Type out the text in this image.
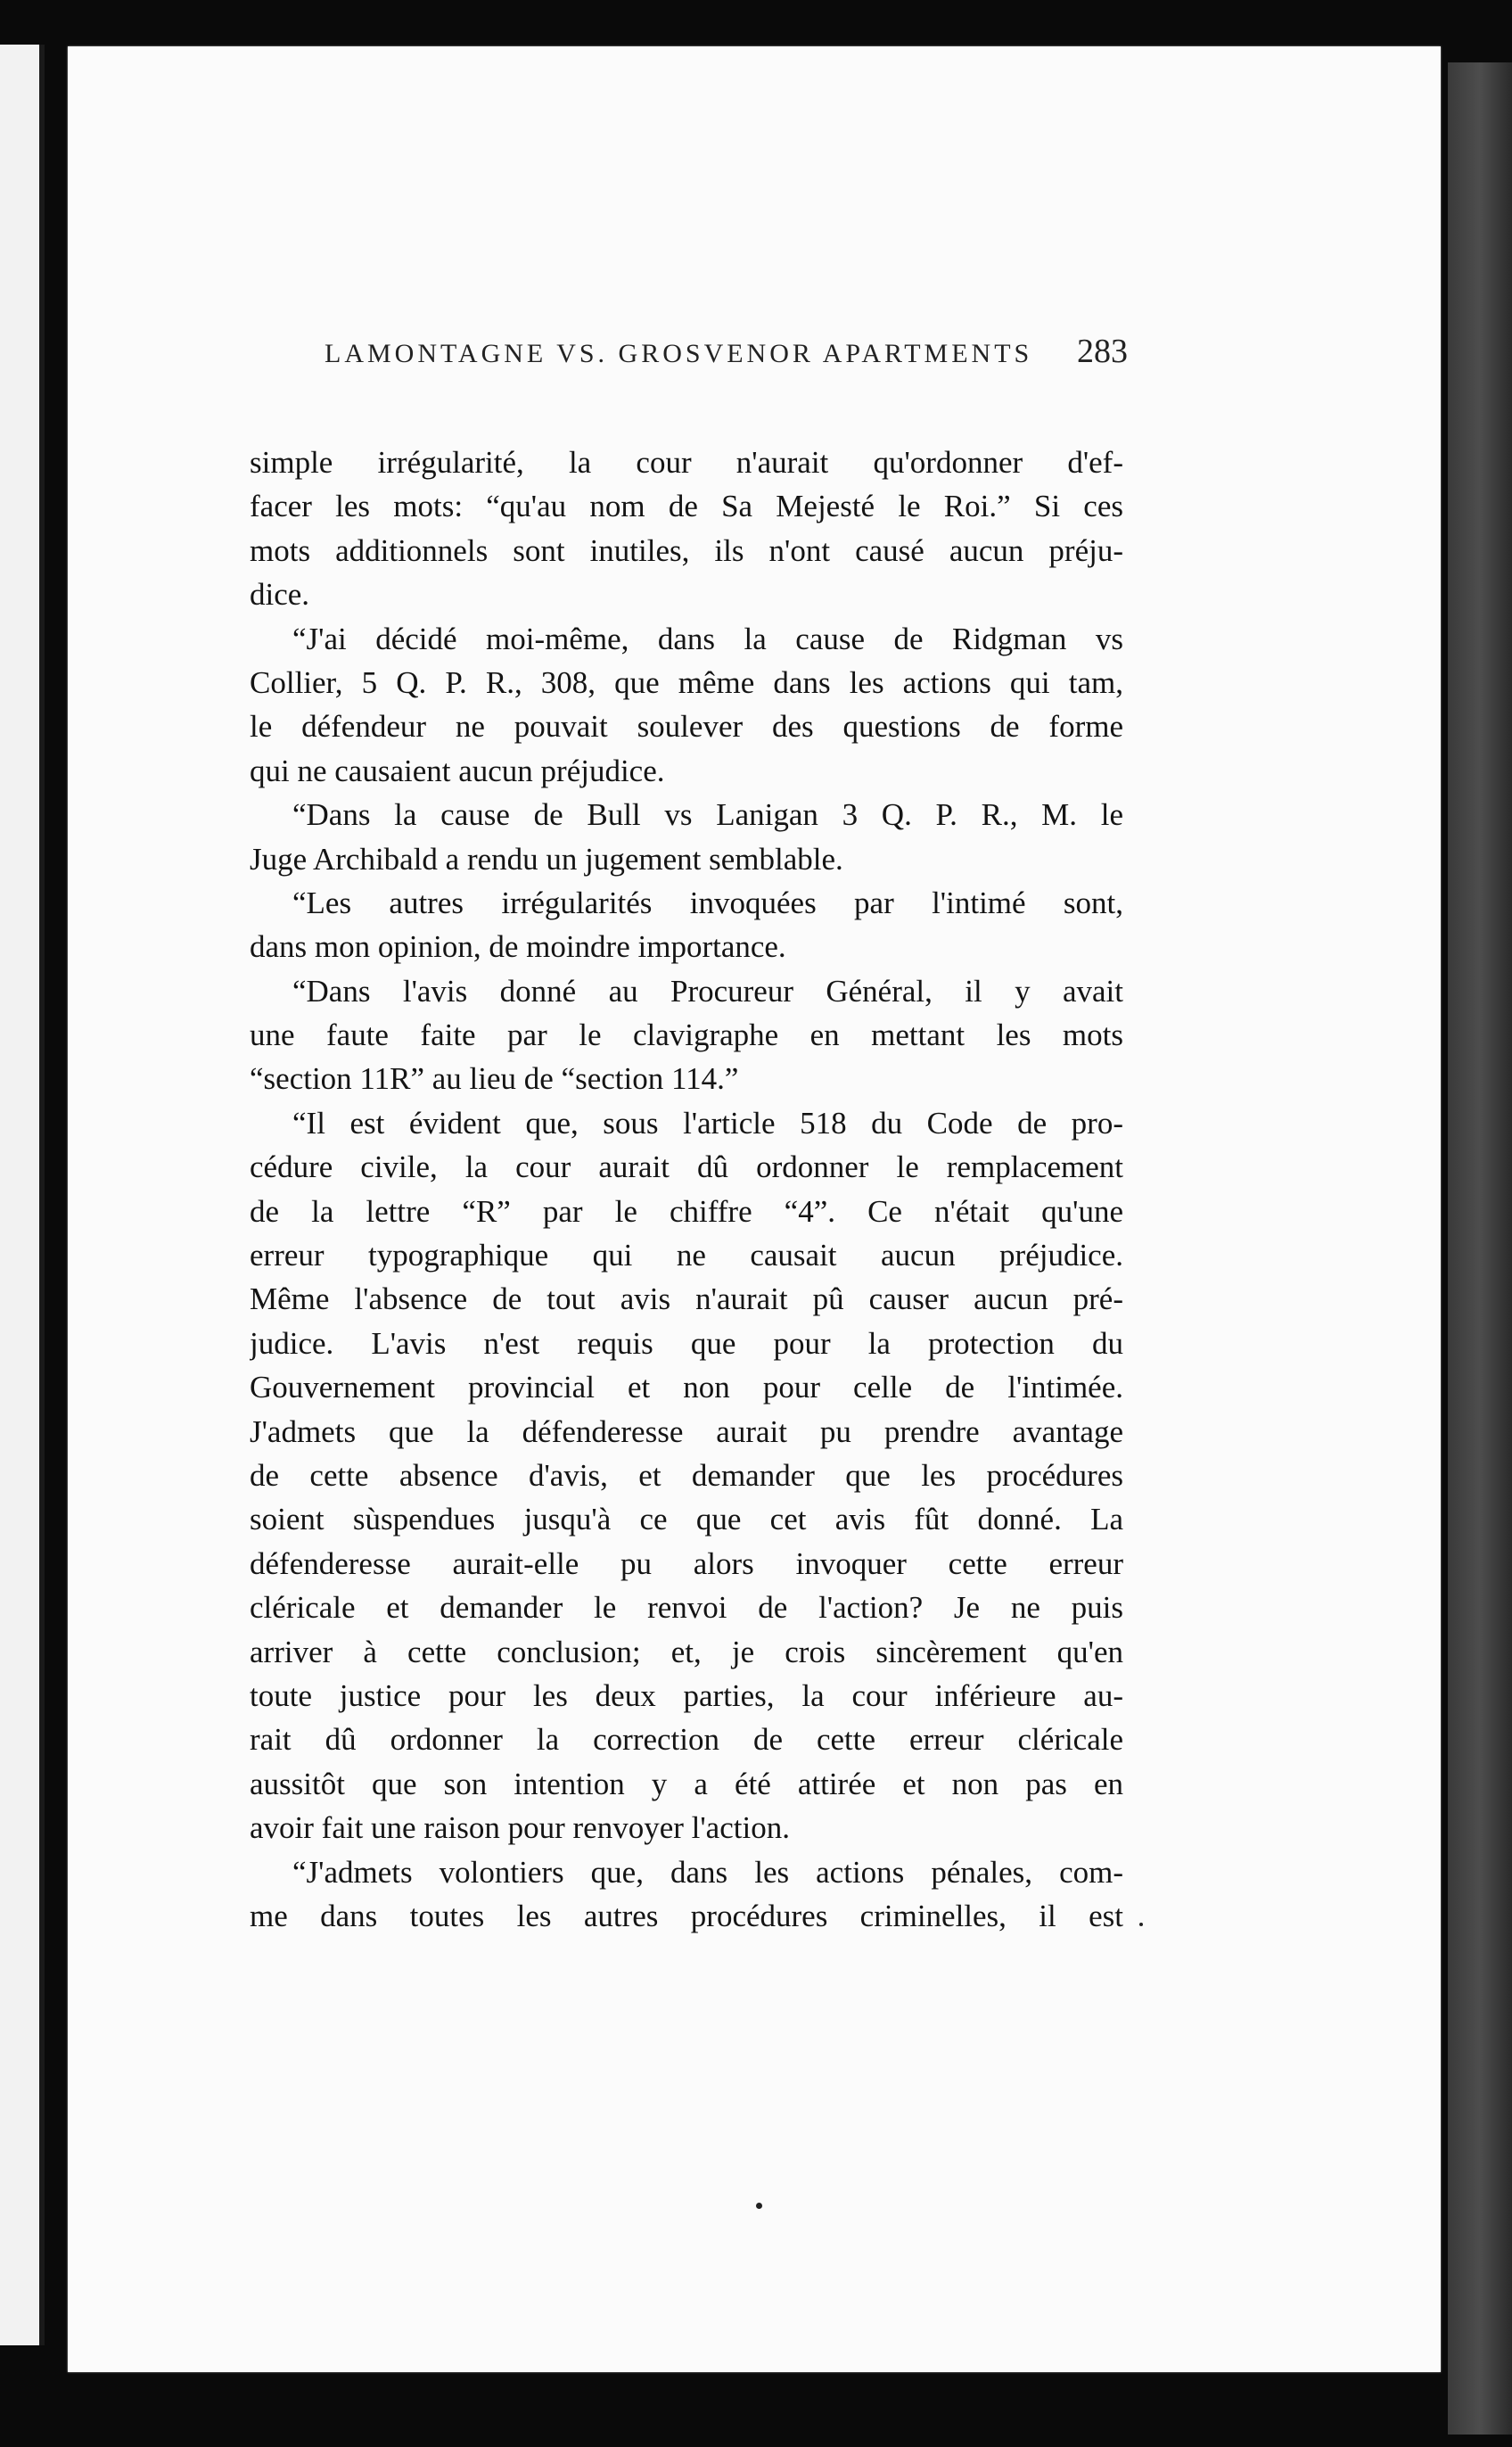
LAMONTAGNE VS. GROSVENOR APARTMENTS	283
simple irrégularité, la cour n'aurait qu'ordonner d'ef-
facer les mots: “qu'au nom de Sa Mejesté le Roi.” Si ces
mots additionnels sont inutiles, ils n'ont causé aucun préju-
dice.
“J'ai décidé moi-même, dans la cause de Ridgman vs
Collier, 5 Q. P. R., 308, que même dans les actions qui tam,
le défendeur ne pouvait soulever des questions de forme
qui ne causaient aucun préjudice.
“Dans la cause de Bull vs Lanigan 3 Q. P. R., M. le
Juge Archibald a rendu un jugement semblable.
“Les autres irrégularités invoquées par l'intimé sont,
dans mon opinion, de moindre importance.
“Dans l'avis donné au Procureur Général, il y avait
une faute faite par le clavigraphe en mettant les mots
“section 11R” au lieu de “section 114.”
“Il est évident que, sous l'article 518 du Code de pro-
cédure civile, la cour aurait dû ordonner le remplacement
de la lettre “R” par le chiffre “4”. Ce n'était qu'une
erreur typographique qui ne causait aucun préjudice.
Même l'absence de tout avis n'aurait pû causer aucun pré-
judice. L'avis n'est requis que pour la protection du
Gouvernement provincial et non pour celle de l'intimée.
J'admets que la défenderesse aurait pu prendre avantage
de cette absence d'avis, et demander que les procédures
soient sùspendues jusqu'à ce que cet avis fût donné. La
défenderesse aurait-elle pu alors invoquer cette erreur
cléricale et demander le renvoi de l'action? Je ne puis
arriver à cette conclusion; et, je crois sincèrement qu'en
toute justice pour les deux parties, la cour inférieure au-
rait dû ordonner la correction de cette erreur cléricale
aussitôt que son intention y a été attirée et non pas en
avoir fait une raison pour renvoyer l'action.
“J'admets volontiers que, dans les actions pénales, com-
me dans toutes les autres procédures criminelles, il est
